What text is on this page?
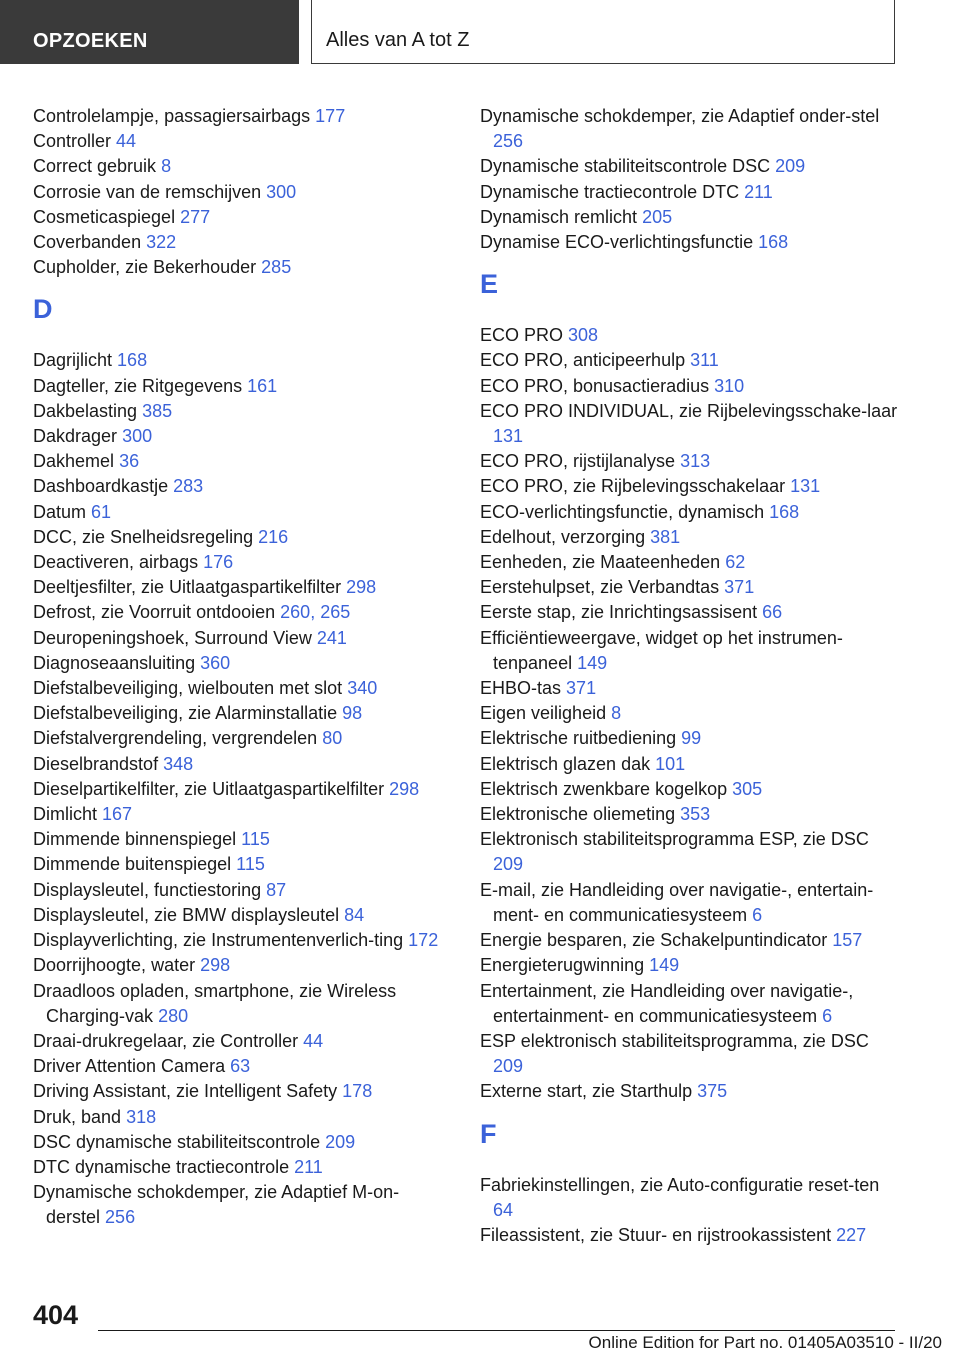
OPZOEKEN	Alles van A tot Z
Controlelampje, passagiersairbags 177
Controller 44
Correct gebruik 8
Corrosie van de remschijven 300
Cosmeticaspiegel 277
Coverbanden 322
Cupholder, zie Bekerhouder 285
D
Dagrijlicht 168
Dagteller, zie Ritgegevens 161
Dakbelasting 385
Dakdrager 300
Dakhemel 36
Dashboardkastje 283
Datum 61
DCC, zie Snelheidsregeling 216
Deactiveren, airbags 176
Deeltjesfilter, zie Uitlaatgaspartikelfilter 298
Defrost, zie Voorruit ontdooien 260, 265
Deuropeningshoek, Surround View 241
Diagnoseaansluiting 360
Diefstalbeveiliging, wielbouten met slot 340
Diefstalbeveiliging, zie Alarminstallatie 98
Diefstalvergrendeling, vergrendelen 80
Dieselbrandstof 348
Dieselpartikelfilter, zie Uitlaatgaspartikelfilter 298
Dimlicht 167
Dimmende binnenspiegel 115
Dimmende buitenspiegel 115
Displaysleutel, functiestoring 87
Displaysleutel, zie BMW displaysleutel 84
Displayverlichting, zie Instrumentenverlich‐ting 172
Doorrijhoogte, water 298
Draadloos opladen, smartphone, zie Wireless Charging-vak 280
Draai-drukregelaar, zie Controller 44
Driver Attention Camera 63
Driving Assistant, zie Intelligent Safety 178
Druk, band 318
DSC dynamische stabiliteitscontrole 209
DTC dynamische tractiecontrole 211
Dynamische schokdemper, zie Adaptief M-on‐derstel 256
Dynamische schokdemper, zie Adaptief onder‐stel 256
Dynamische stabiliteitscontrole DSC 209
Dynamische tractiecontrole DTC 211
Dynamisch remlicht 205
Dynamise ECO-verlichtingsfunctie 168
E
ECO PRO 308
ECO PRO, anticipeerhulp 311
ECO PRO, bonusactieradius 310
ECO PRO INDIVIDUAL, zie Rijbelevingsschake‐laar 131
ECO PRO, rijstijlanalyse 313
ECO PRO, zie Rijbelevingsschakelaar 131
ECO-verlichtingsfunctie, dynamisch 168
Edelhout, verzorging 381
Eenheden, zie Maateenheden 62
Eerstehulpset, zie Verbandtas 371
Eerste stap, zie Inrichtingsassisent 66
Efficiëntieweergave, widget op het instrumen‐tenpaneel 149
EHBO-tas 371
Eigen veiligheid 8
Elektrische ruitbediening 99
Elektrisch glazen dak 101
Elektrisch zwenkbare kogelkop 305
Elektronische oliemeting 353
Elektronisch stabiliteitsprogramma ESP, zie DSC 209
E-mail, zie Handleiding over navigatie-, entertain‐ment- en communicatiesysteem 6
Energie besparen, zie Schakelpuntindicator 157
Energieterugwinning 149
Entertainment, zie Handleiding over navigatie-, entertainment- en communicatiesysteem 6
ESP elektronisch stabiliteitsprogramma, zie DSC 209
Externe start, zie Starthulp 375
F
Fabriekinstellingen, zie Auto-configuratie reset‐ten 64
Fileassistent, zie Stuur- en rijstrookassistent 227
404
Online Edition for Part no. 01405A03510 - II/20
